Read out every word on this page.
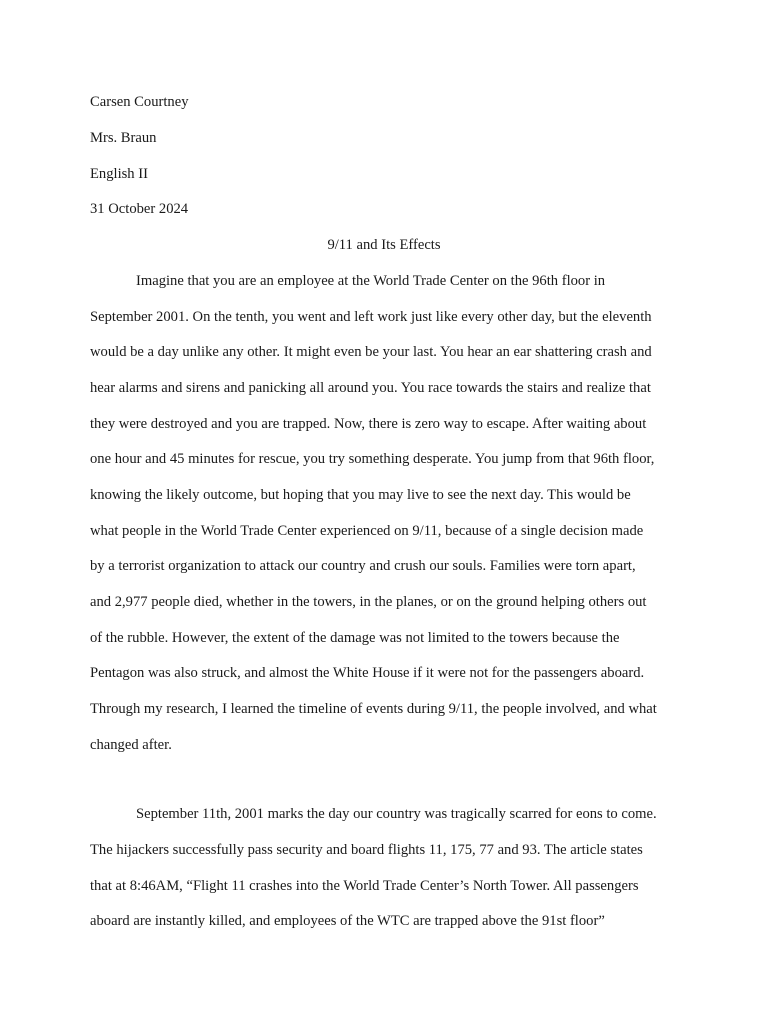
Carsen Courtney
Mrs. Braun
English II
31 October 2024
9/11 and Its Effects
Imagine that you are an employee at the World Trade Center on the 96th floor in
September 2001. On the tenth, you went and left work just like every other day, but the eleventh
would be a day unlike any other. It might even be your last. You hear an ear shattering crash and
hear alarms and sirens and panicking all around you. You race towards the stairs and realize that
they were destroyed and you are trapped. Now, there is zero way to escape. After waiting about
one hour and 45 minutes for rescue, you try something desperate. You jump from that 96th floor,
knowing the likely outcome, but hoping that you may live to see the next day. This would be
what people in the World Trade Center experienced on 9/11, because of a single decision made
by a terrorist organization to attack our country and crush our souls. Families were torn apart,
and 2,977 people died, whether in the towers, in the planes, or on the ground helping others out
of the rubble. However, the extent of the damage was not limited to the towers because the
Pentagon was also struck, and almost the White House if it were not for the passengers aboard.
Through my research, I learned the timeline of events during 9/11, the people involved, and what
changed after.
September 11th, 2001 marks the day our country was tragically scarred for eons to come.
The hijackers successfully pass security and board flights 11, 175, 77 and 93. The article states
that at 8:46AM, “Flight 11 crashes into the World Trade Center’s North Tower. All passengers
aboard are instantly killed, and employees of the WTC are trapped above the 91st floor”
